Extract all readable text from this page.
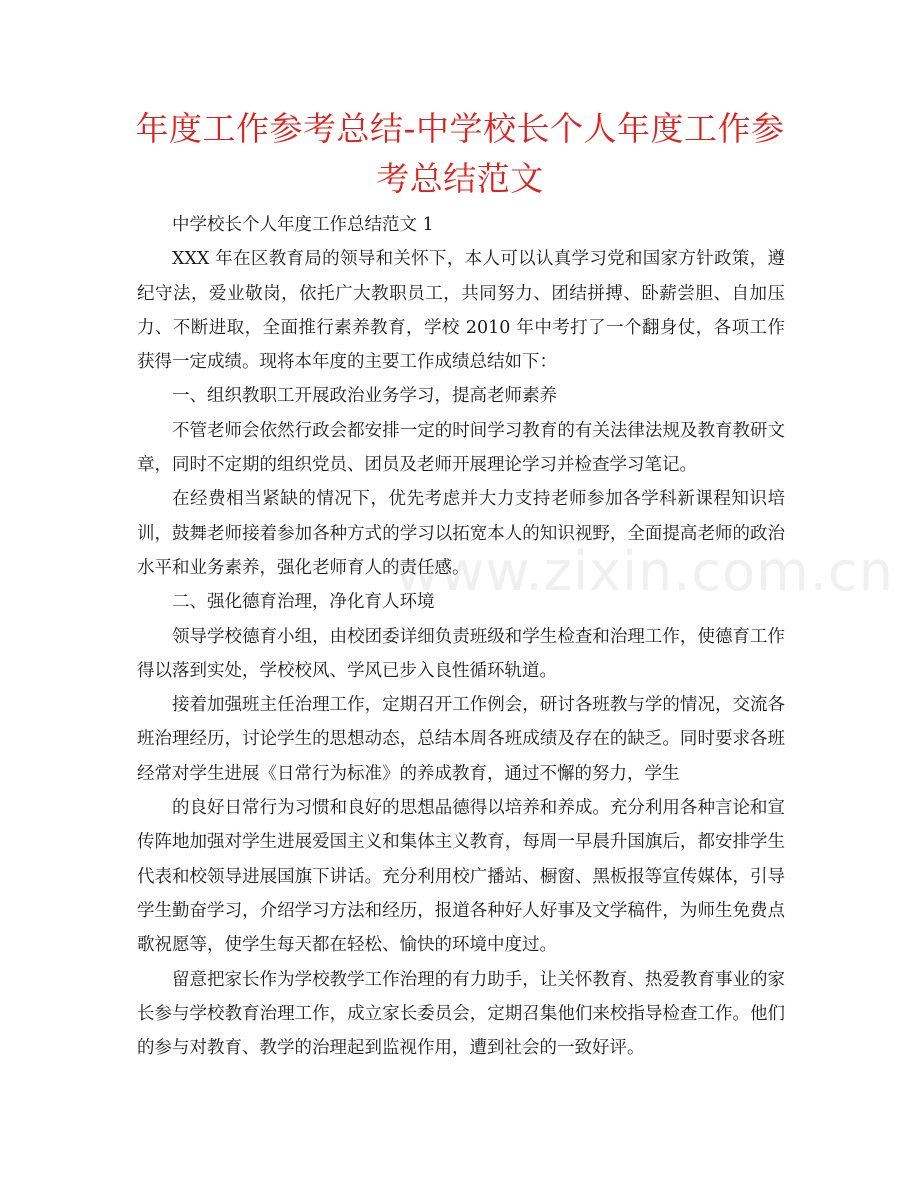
年度工作参考总结-中学校长个人年度工作参考总结范文
www.zixin.com.cn

中学校长个人年度工作总结范文 1

XXX 年在区教育局的领导和关怀下，本人可以认真学习党和国家方针政策，遵纪守法，爱业敬岗，依托广大教职员工，共同努力、团结拼搏、卧薪尝胆、自加压力、不断进取，全面推行素养教育，学校 2010 年中考打了一个翻身仗，各项工作获得一定成绩。现将本年度的主要工作成绩总结如下：

一、组织教职工开展政治业务学习，提高老师素养

不管老师会依然行政会都安排一定的时间学习教育的有关法律法规及教育教研文章，同时不定期的组织党员、团员及老师开展理论学习并检查学习笔记。

在经费相当紧缺的情况下，优先考虑并大力支持老师参加各学科新课程知识培训，鼓舞老师接着参加各种方式的学习以拓宽本人的知识视野，全面提高老师的政治水平和业务素养，强化老师育人的责任感。

二、强化德育治理，净化育人环境

领导学校德育小组，由校团委详细负责班级和学生检查和治理工作，使德育工作得以落到实处，学校校风、学风已步入良性循环轨道。

接着加强班主任治理工作，定期召开工作例会，研讨各班教与学的情况，交流各班治理经历，讨论学生的思想动态，总结本周各班成绩及存在的缺乏。同时要求各班经常对学生进展《日常行为标准》的养成教育，通过不懈的努力，学生

的良好日常行为习惯和良好的思想品德得以培养和养成。充分利用各种言论和宣传阵地加强对学生进展爱国主义和集体主义教育，每周一早晨升国旗后，都安排学生代表和校领导进展国旗下讲话。充分利用校广播站、橱窗、黑板报等宣传媒体，引导学生勤奋学习，介绍学习方法和经历，报道各种好人好事及文学稿件，为师生免费点歌祝愿等，使学生每天都在轻松、愉快的环境中度过。

留意把家长作为学校教学工作治理的有力助手，让关怀教育、热爱教育事业的家长参与学校教育治理工作，成立家长委员会，定期召集他们来校指导检查工作。他们的参与对教育、教学的治理起到监视作用，遭到社会的一致好评。
